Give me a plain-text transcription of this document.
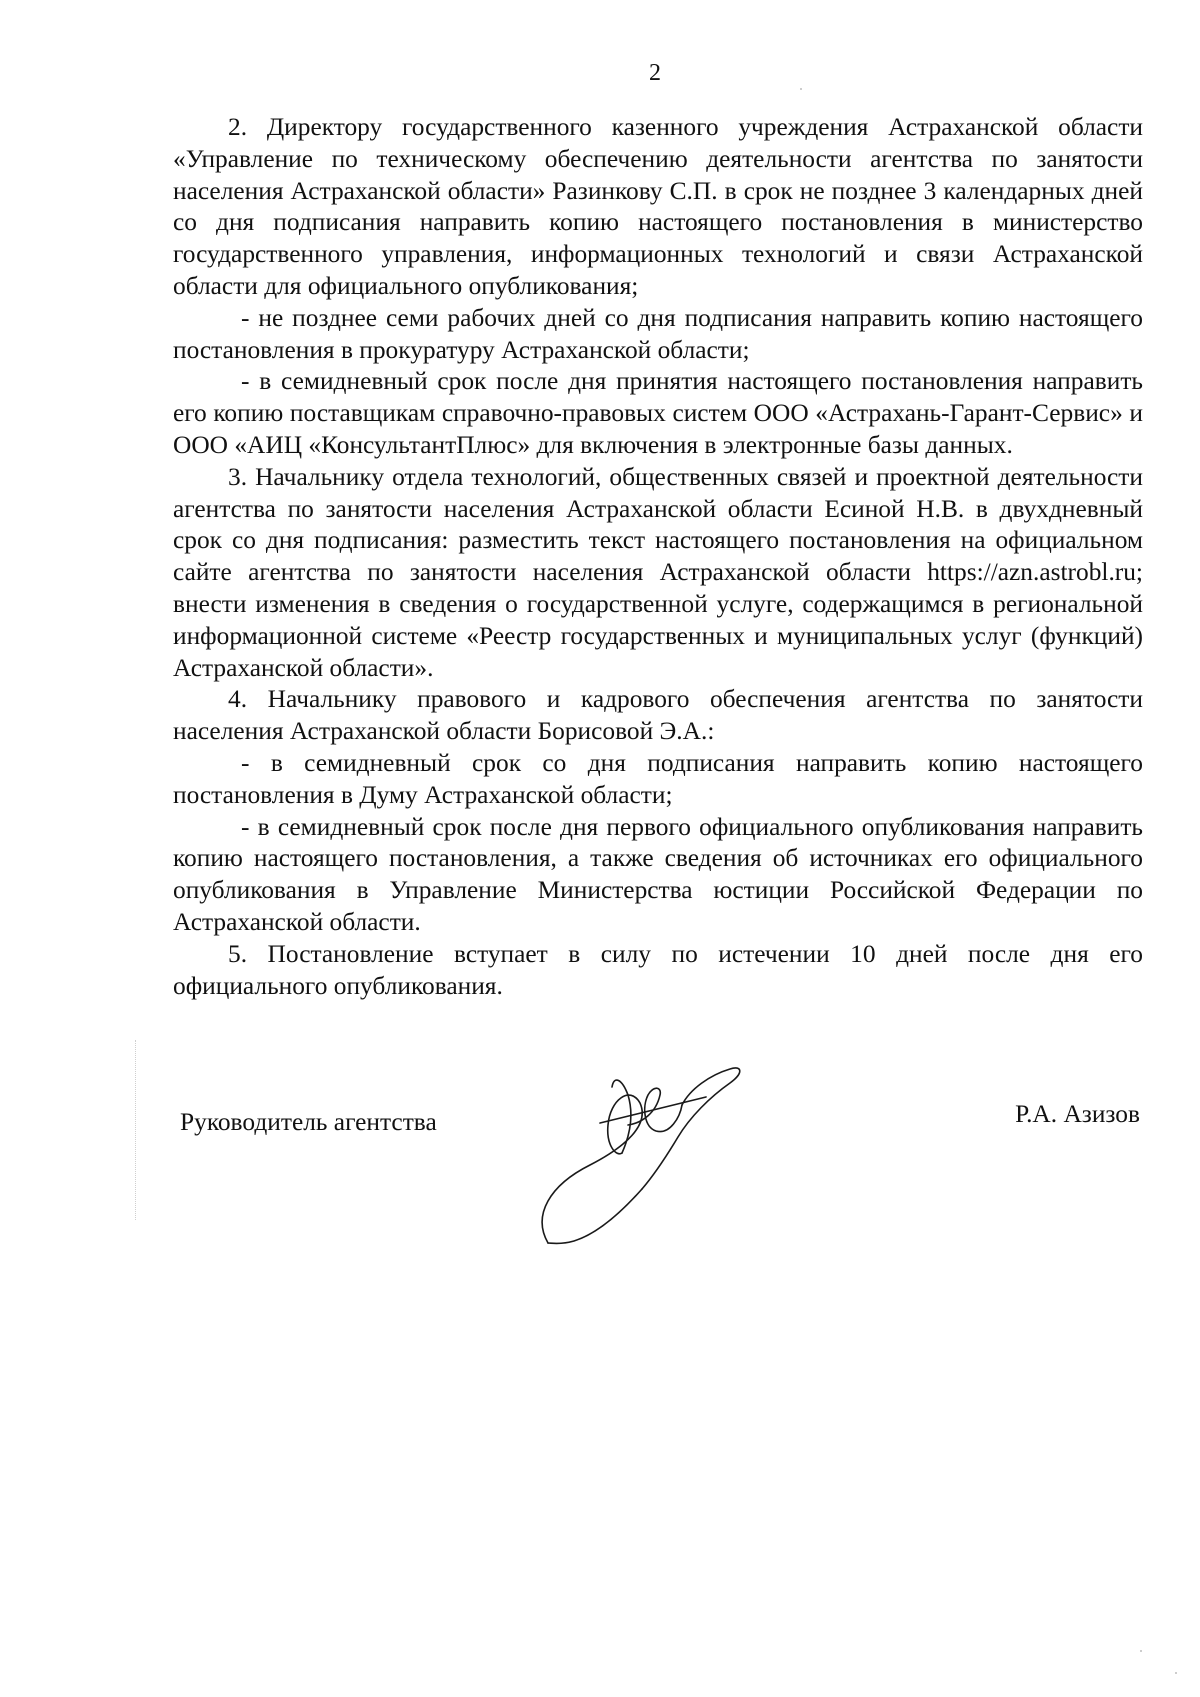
2

2. Директору государственного казенного учреждения Астраханской области «Управление по техническому обеспечению деятельности агентства по занятости населения Астраханской области» Разинкову С.П. в срок не позднее 3 календарных дней со дня подписания направить копию настоящего постановления в министерство государственного управления, информационных технологий и связи Астраханской области для официального опубликования;

- не позднее семи рабочих дней со дня подписания направить копию настоящего постановления в прокуратуру Астраханской области;

- в семидневный срок после дня принятия настоящего постановления направить его копию поставщикам справочно-правовых систем ООО «Астрахань-Гарант-Сервис» и ООО «АИЦ «КонсультантПлюс» для включения в электронные базы данных.

3. Начальнику отдела технологий, общественных связей и проектной деятельности агентства по занятости населения Астраханской области Есиной Н.В. в двухдневный срок со дня подписания: разместить текст настоящего постановления на официальном сайте агентства по занятости населения Астраханской области https://azn.astrobl.ru; внести изменения в сведения о государственной услуге, содержащимся в региональной информационной системе «Реестр государственных и муниципальных услуг (функций) Астраханской области».

4. Начальнику правового и кадрового обеспечения агентства по занятости населения Астраханской области Борисовой Э.А.:

- в семидневный срок со дня подписания направить копию настоящего постановления в Думу Астраханской области;

- в семидневный срок после дня первого официального опубликования направить копию настоящего постановления, а также сведения об источниках его официального опубликования в Управление Министерства юстиции Российской Федерации по Астраханской области.

5. Постановление вступает в силу по истечении 10 дней после дня его официального опубликования.

Руководитель агентства	Р.А. Азизов
